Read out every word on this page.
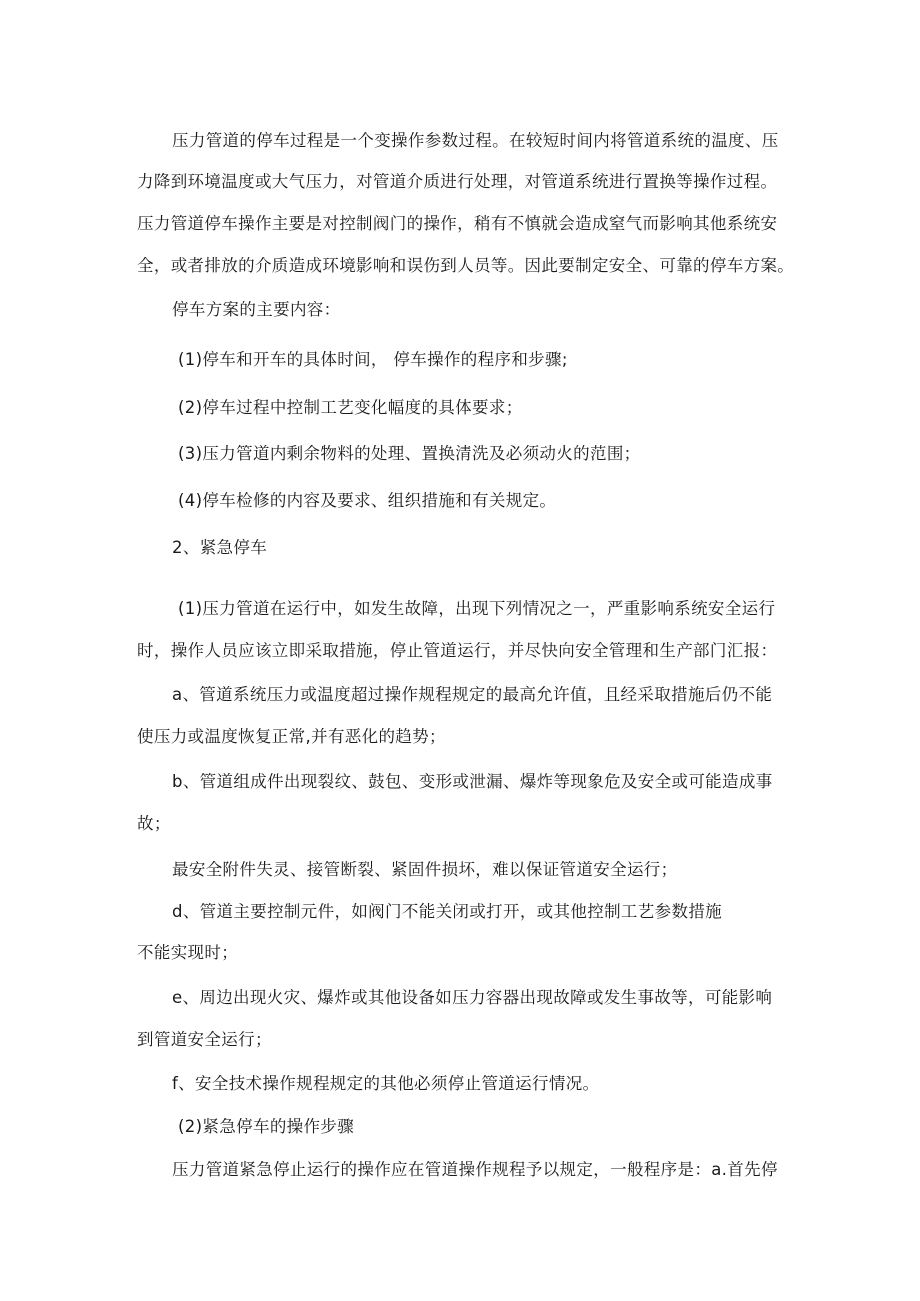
压力管道的停车过程是一个变操作参数过程。在较短时间内将管道系统的温度、压
力降到环境温度或大气压力，对管道介质进行处理，对管道系统进行置换等操作过程。
压力管道停车操作主要是对控制阀门的操作，稍有不慎就会造成窒气而影响其他系统安
全，或者排放的介质造成环境影响和误伤到人员等。因此要制定安全、可靠的停车方案。
停车方案的主要内容：
(1)停车和开车的具体时间， 停车操作的程序和步骤;
(2)停车过程中控制工艺变化幅度的具体要求；
(3)压力管道内剩余物料的处理、置换清洗及必须动火的范围；
(4)停车检修的内容及要求、组织措施和有关规定。
2、紧急停车
(1)压力管道在运行中，如发生故障，出现下列情况之一，严重影响系统安全运行
时，操作人员应该立即采取措施，停止管道运行，并尽快向安全管理和生产部门汇报：
a、管道系统压力或温度超过操作规程规定的最高允许值，且经采取措施后仍不能
使压力或温度恢复正常,并有恶化的趋势；
b、管道组成件出现裂纹、鼓包、变形或泄漏、爆炸等现象危及安全或可能造成事
故；
最安全附件失灵、接管断裂、紧固件损坏，难以保证管道安全运行；
d、管道主要控制元件，如阀门不能关闭或打开，或其他控制工艺参数措施
不能实现时；
e、周边出现火灾、爆炸或其他设备如压力容器出现故障或发生事故等，可能影响
到管道安全运行；
f、安全技术操作规程规定的其他必须停止管道运行情况。
(2)紧急停车的操作步骤
压力管道紧急停止运行的操作应在管道操作规程予以规定，一般程序是：a.首先停
